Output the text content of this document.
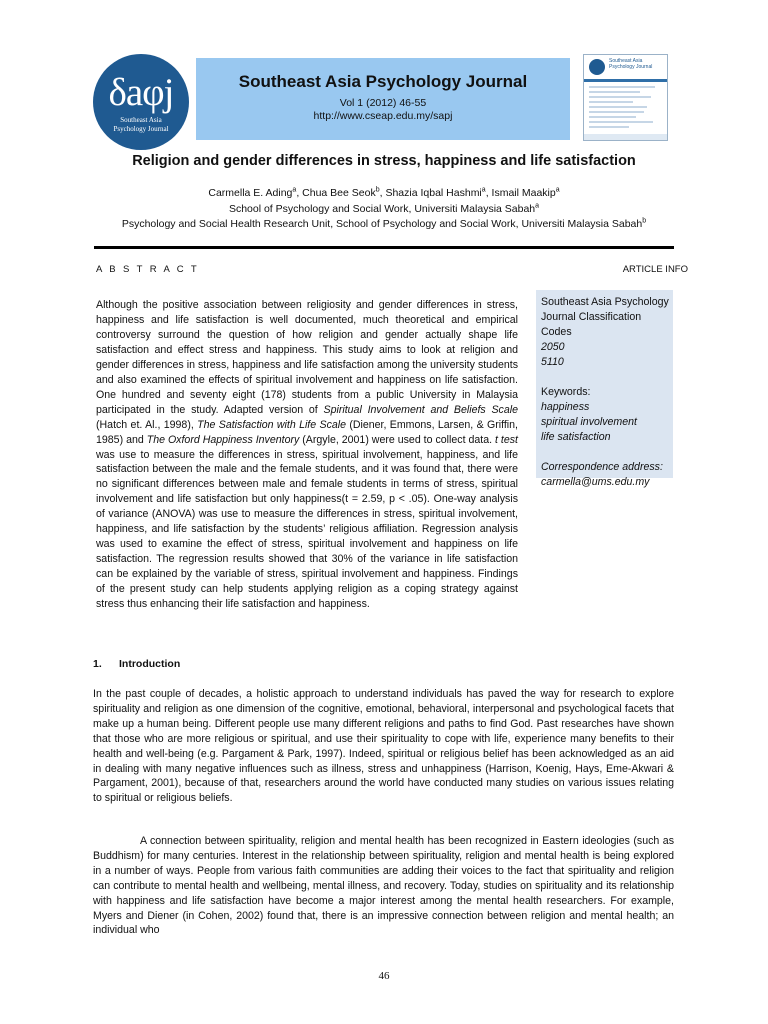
δaφj
Southeast Asia
Psychology Journal
Southeast Asia Psychology Journal
Vol 1 (2012) 46-55
http://www.cseap.edu.my/sapj
Southeast Asia Psychology Journal
Religion and gender differences in stress, happiness and life satisfaction
Carmella E. Ading$^a$, Chua Bee Seok$^b$, Shazia Iqbal Hashmi$^a$, Ismail Maakip$^a$
School of Psychology and Social Work, Universiti Malaysia Sabah$^a$
Psychology and Social Health Research Unit, School of Psychology and Social Work, Universiti Malaysia Sabah$^b$
A B S T R A C T	ARTICLE INFO
Although the positive association between religiosity and gender differences in stress, happiness and life satisfaction is well documented, much theoretical and empirical controversy surround the question of how religion and gender actually shape life satisfaction and effect stress and happiness. This study aims to look at religion and gender differences in stress, happiness and life satisfaction among the university students and also examined the effects of spiritual involvement and happiness on life satisfaction. One hundred and seventy eight (178) students from a public University in Malaysia participated in the study. Adapted version of Spiritual Involvement and Beliefs Scale (Hatch et. Al., 1998), The Satisfaction with Life Scale (Diener, Emmons, Larsen, & Griffin, 1985) and The Oxford Happiness Inventory (Argyle, 2001) were used to collect data. t test was use to measure the differences in stress, spiritual involvement, happiness, and life satisfaction between the male and the female students, and it was found that, there were no significant differences between male and female students in terms of stress, spiritual involvement and life satisfaction but only happiness(t = 2.59, p < .05). One-way analysis of variance (ANOVA) was use to measure the differences in stress, spiritual involvement, happiness, and life satisfaction by the students’ religious affiliation. Regression analysis was used to examine the effect of stress, spiritual involvement and happiness on life satisfaction. The regression results showed that 30% of the variance in life satisfaction can be explained by the variable of stress, spiritual involvement and happiness. Findings of the present study can help students applying religion as a coping strategy against stress thus enhancing their life satisfaction and happiness.
Southeast Asia Psychology
Journal Classification Codes
2050
5110
Keywords:
happiness
spiritual involvement
life satisfaction
Correspondence address:
carmella@ums.edu.my
1. Introduction
In the past couple of decades, a holistic approach to understand individuals has paved the way for research to explore spirituality and religion as one dimension of the cognitive, emotional, behavioral, interpersonal and psychological facets that make up a human being. Different people use many different religions and paths to find God. Past researches have shown that those who are more religious or spiritual, and use their spirituality to cope with life, experience many benefits to their health and well-being (e.g. Pargament & Park, 1997). Indeed, spiritual or religious belief has been acknowledged as an aid in dealing with many negative influences such as illness, stress and unhappiness (Harrison, Koenig, Hays, Eme-Akwari & Pargament, 2001), because of that, researchers around the world have conducted many studies on various issues relating to spiritual or religious beliefs.
A connection between spirituality, religion and mental health has been recognized in Eastern ideologies (such as Buddhism) for many centuries. Interest in the relationship between spirituality, religion and mental health is being explored in a number of ways. People from various faith communities are adding their voices to the fact that spirituality and religion can contribute to mental health and wellbeing, mental illness, and recovery. Today, studies on spirituality and its relationship with happiness and life satisfaction have become a major interest among the mental health researchers. For example, Myers and Diener (in Cohen, 2002) found that, there is an impressive connection between religion and mental health; an individual who
46
